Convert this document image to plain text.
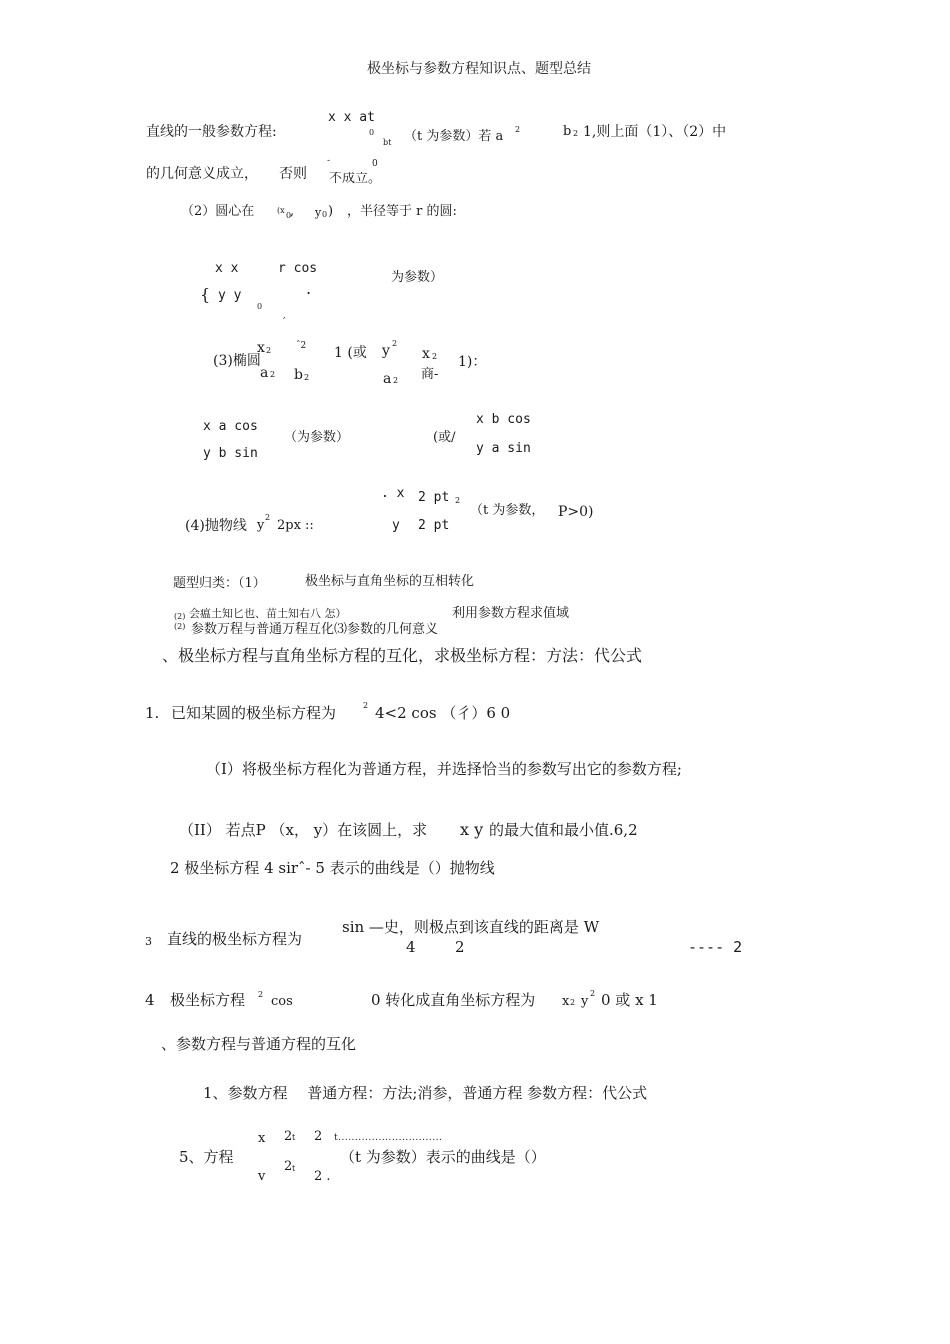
极坐标与参数方程知识点、题型总结
x x at
直线的一般参数方程:	0
bt （t 为参数）若 a 2	b 2 1,则上面（1）、（2）中
的几何意义成立， 否则
-	0
不成立。
（2）圆心在	(x
0
, y 0 ) ，半径等于 r 的圆:
x x	r cos
为参数）
{ y y	.
0
′
x 2	ˆ2 1 (或 y 2
x 2
(3)椭圆	1)：
a 2 b 2	a 2 商-
x b cos
x a cos
（为参数）	(或/
y a sin
y b sin
. x 2 pt 2
（t 为参数， P>0)
(4)抛物线 y
2
2px ::	y 2 pt
题型归类：（1）	极坐标与直角坐标的互相转化
(2) 会瘟土知匕也、苗土知右八 怎）	利用参数方程求值域
(2) 参数万程与普通万程互化⑶参数的几何意义
、极坐标方程与直角坐标方程的互化，求极坐标方程：方法：代公式
1. 已知某圆的极坐标方程为	2 4<2 cos （彳）6 0
（I）将极坐标方程化为普通方程，并选择恰当的参数写出它的参数方程;
（II） 若点P （x， y）在该圆上，求 x y 的最大值和最小值.6,2
2 极坐标方程 4 sirˆ- 5 表示的曲线是（）抛物线
sin —史，则极点到该直线的距离是 W
3 直线的极坐标方程为	4	2	---- 2
4 极坐标方程 2 cos	0 转化成直角坐标方程为 x 2 y
2 0 或 x 1
、参数方程与普通方程的互化
1、参数方程　 普通方程：方法;消参，普通方程 参数方程：代公式
x 2 t 2 t...............................
5、方程	（t 为参数）表示的曲线是（）
2 t
v	2 .
